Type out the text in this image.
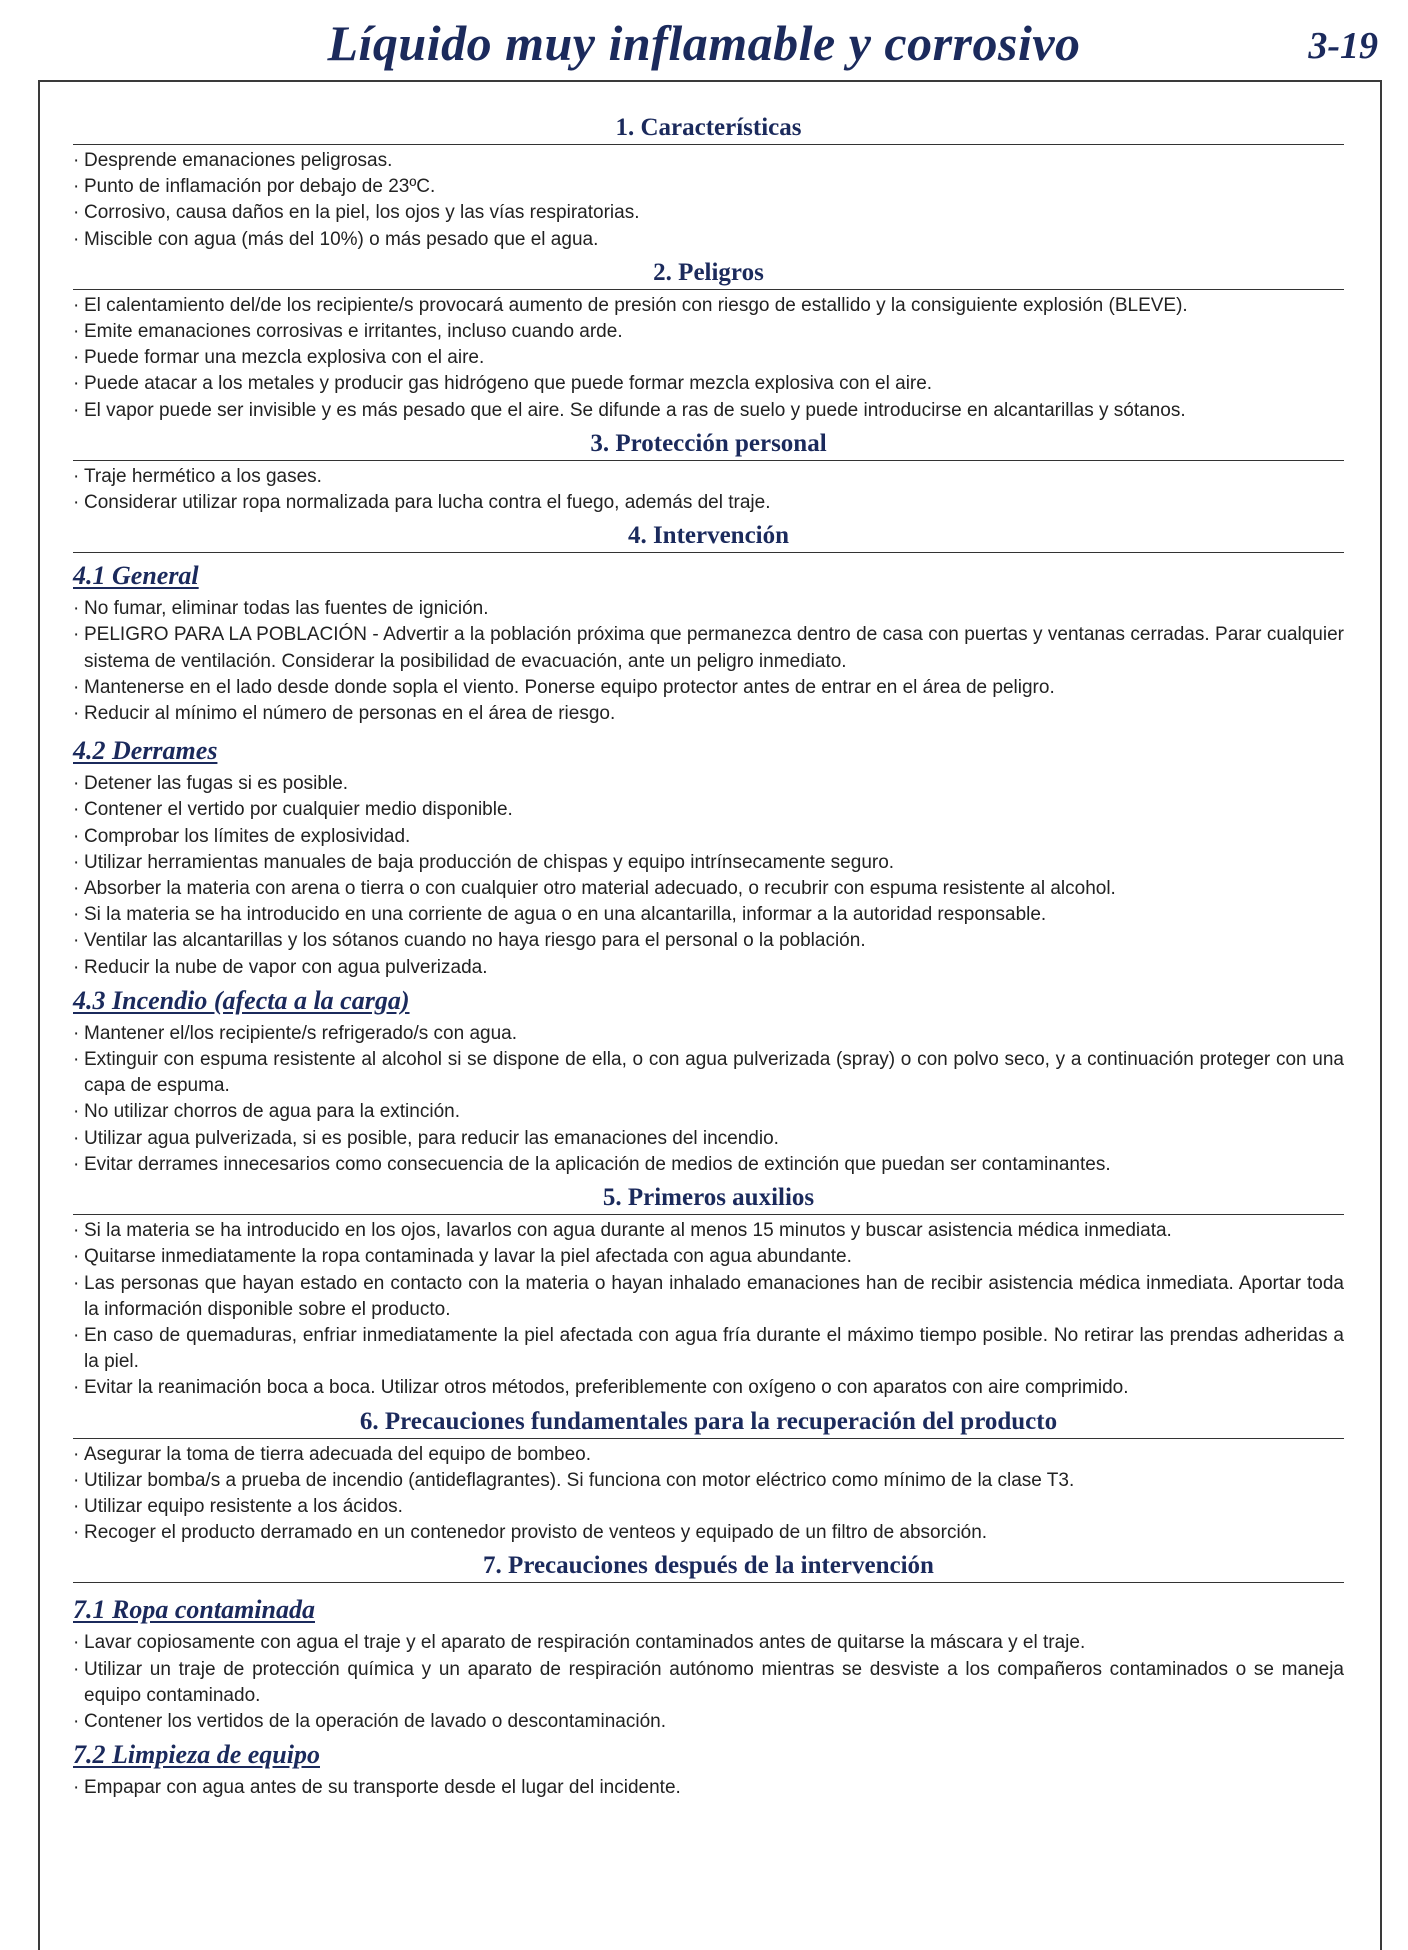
Líquido muy inflamable y corrosivo	3-19
1. Características
· Desprende emanaciones peligrosas.
· Punto de inflamación por debajo de 23ºC.
· Corrosivo, causa daños en la piel, los ojos y las vías respiratorias.
· Miscible con agua (más del 10%) o más pesado que el agua.
2. Peligros
· El calentamiento del/de los recipiente/s provocará aumento de presión con riesgo de estallido y la consiguiente explosión (BLEVE).
· Emite emanaciones corrosivas e irritantes, incluso cuando arde.
· Puede formar una mezcla explosiva con el aire.
· Puede atacar a los metales y producir gas hidrógeno que puede formar mezcla explosiva con el aire.
· El vapor puede ser invisible y es más pesado que el aire. Se difunde a ras de suelo y puede introducirse en alcantarillas y sótanos.
3. Protección personal
· Traje hermético a los gases.
· Considerar utilizar ropa normalizada para lucha contra el fuego, además del traje.
4. Intervención
4.1 General
· No fumar, eliminar todas las fuentes de ignición.
· PELIGRO PARA LA POBLACIÓN - Advertir a la población próxima que permanezca dentro de casa con puertas y ventanas cerradas. Parar cualquier sistema de ventilación. Considerar la posibilidad de evacuación, ante un peligro inmediato.
· Mantenerse en el lado desde donde sopla el viento. Ponerse equipo protector antes de entrar en el área de peligro.
· Reducir al mínimo el número de personas en el área de riesgo.
4.2 Derrames
· Detener las fugas si es posible.
· Contener el vertido por cualquier medio disponible.
· Comprobar los límites de explosividad.
· Utilizar herramientas manuales de baja producción de chispas y equipo intrínsecamente seguro.
· Absorber la materia con arena o tierra o con cualquier otro material adecuado, o recubrir con espuma resistente al alcohol.
· Si la materia se ha introducido en una corriente de agua o en una alcantarilla, informar a la autoridad responsable.
· Ventilar las alcantarillas y los sótanos cuando no haya riesgo para el personal o la población.
· Reducir la nube de vapor con agua pulverizada.
4.3 Incendio (afecta a la carga)
· Mantener el/los recipiente/s refrigerado/s con agua.
· Extinguir con espuma resistente al alcohol si se dispone de ella, o con agua pulverizada (spray) o con polvo seco, y a continuación proteger con una capa de espuma.
· No utilizar chorros de agua para la extinción.
· Utilizar agua pulverizada, si es posible, para reducir las emanaciones del incendio.
· Evitar derrames innecesarios como consecuencia de la aplicación de medios de extinción que puedan ser contaminantes.
5. Primeros auxilios
· Si la materia se ha introducido en los ojos, lavarlos con agua durante al menos 15 minutos y buscar asistencia médica inmediata.
· Quitarse inmediatamente la ropa contaminada y lavar la piel afectada con agua abundante.
· Las personas que hayan estado en contacto con la materia o hayan inhalado emanaciones han de recibir asistencia médica inmediata. Aportar toda la información disponible sobre el producto.
· En caso de quemaduras, enfriar inmediatamente la piel afectada con agua fría durante el máximo tiempo posible. No retirar las prendas adheridas a la piel.
· Evitar la reanimación boca a boca. Utilizar otros métodos, preferiblemente con oxígeno o con aparatos con aire comprimido.
6. Precauciones fundamentales para la recuperación del producto
· Asegurar la toma de tierra adecuada del equipo de bombeo.
· Utilizar bomba/s a prueba de incendio (antideflagrantes). Si funciona con motor eléctrico como mínimo de la clase T3.
· Utilizar equipo resistente a los ácidos.
· Recoger el producto derramado en un contenedor provisto de venteos y equipado de un filtro de absorción.
7. Precauciones después de la intervención
7.1 Ropa contaminada
· Lavar copiosamente con agua el traje y el aparato de respiración contaminados antes de quitarse la máscara y el traje.
· Utilizar un traje de protección química y un aparato de respiración autónomo mientras se desviste a los compañeros contaminados o se maneja equipo contaminado.
· Contener los vertidos de la operación de lavado o descontaminación.
7.2 Limpieza de equipo
· Empapar con agua antes de su transporte desde el lugar del incidente.
